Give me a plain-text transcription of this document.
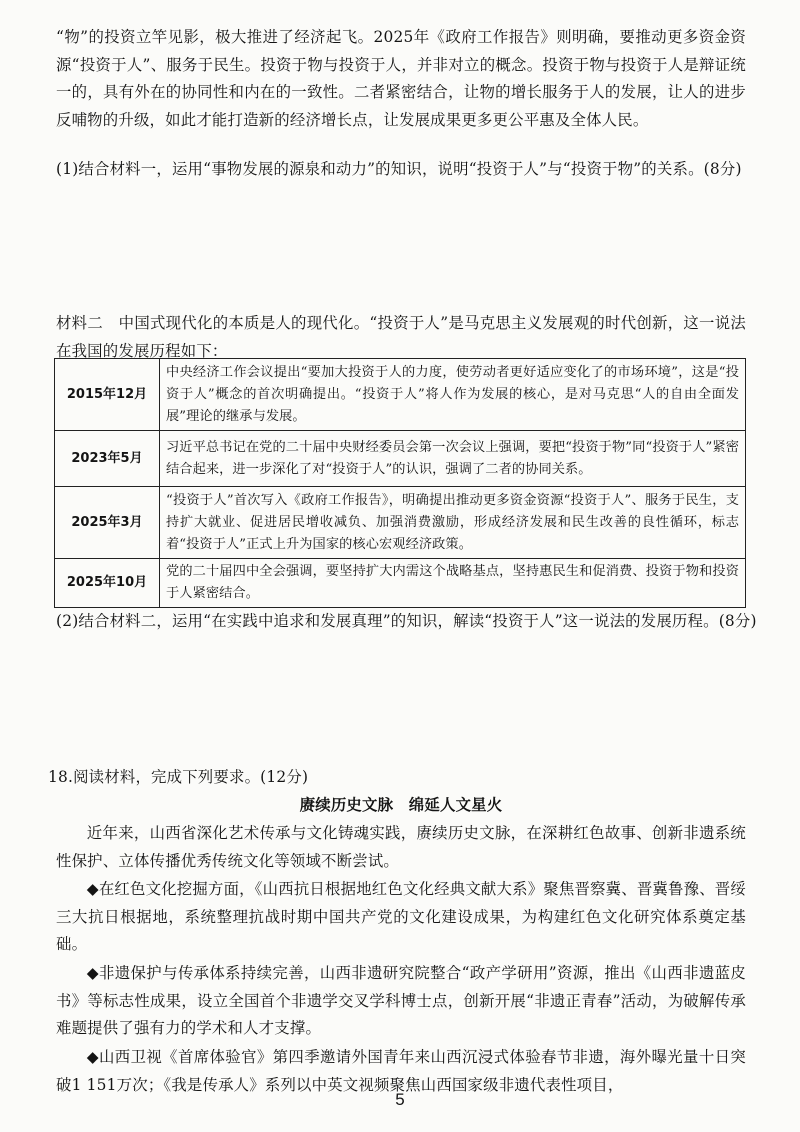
“物”的投资立竿见影，极大推进了经济起飞。2025年《政府工作报告》则明确，要推动更多资金资源“投资于人”、服务于民生。投资于物与投资于人，并非对立的概念。投资于物与投资于人是辩证统一的，具有外在的协同性和内在的一致性。二者紧密结合，让物的增长服务于人的发展，让人的进步反哺物的升级，如此才能打造新的经济增长点，让发展成果更多更公平惠及全体人民。
(1)结合材料一，运用“事物发展的源泉和动力”的知识，说明“投资于人”与“投资于物”的关系。(8分)
材料二　中国式现代化的本质是人的现代化。“投资于人”是马克思主义发展观的时代创新，这一说法在我国的发展历程如下：
2015年12月	中央经济工作会议提出“要加大投资于人的力度，使劳动者更好适应变化了的市场环境”，这是“投资于人”概念的首次明确提出。“投资于人”将人作为发展的核心，是对马克思“人的自由全面发展”理论的继承与发展。
2023年5月	习近平总书记在党的二十届中央财经委员会第一次会议上强调，要把“投资于物”同“投资于人”紧密结合起来，进一步深化了对“投资于人”的认识，强调了二者的协同关系。
2025年3月	“投资于人”首次写入《政府工作报告》，明确提出推动更多资金资源“投资于人”、服务于民生，支持扩大就业、促进居民增收减负、加强消费激励，形成经济发展和民生改善的良性循环，标志着“投资于人”正式上升为国家的核心宏观经济政策。
2025年10月	党的二十届四中全会强调，要坚持扩大内需这个战略基点，坚持惠民生和促消费、投资于物和投资于人紧密结合。
(2)结合材料二，运用“在实践中追求和发展真理”的知识，解读“投资于人”这一说法的发展历程。(8分)
18.阅读材料，完成下列要求。(12分)
赓续历史文脉　绵延人文星火
近年来，山西省深化艺术传承与文化铸魂实践，赓续历史文脉，在深耕红色故事、创新非遗系统性保护、立体传播优秀传统文化等领域不断尝试。
◆在红色文化挖掘方面，《山西抗日根据地红色文化经典文献大系》聚焦晋察冀、晋冀鲁豫、晋绥三大抗日根据地，系统整理抗战时期中国共产党的文化建设成果，为构建红色文化研究体系奠定基础。
◆非遗保护与传承体系持续完善，山西非遗研究院整合“政产学研用”资源，推出《山西非遗蓝皮书》等标志性成果，设立全国首个非遗学交叉学科博士点，创新开展“非遗正青春”活动，为破解传承难题提供了强有力的学术和人才支撑。
◆山西卫视《首席体验官》第四季邀请外国青年来山西沉浸式体验春节非遗，海外曝光量十日突破1 151万次；《我是传承人》系列以中英文视频聚焦山西国家级非遗代表性项目，
5
